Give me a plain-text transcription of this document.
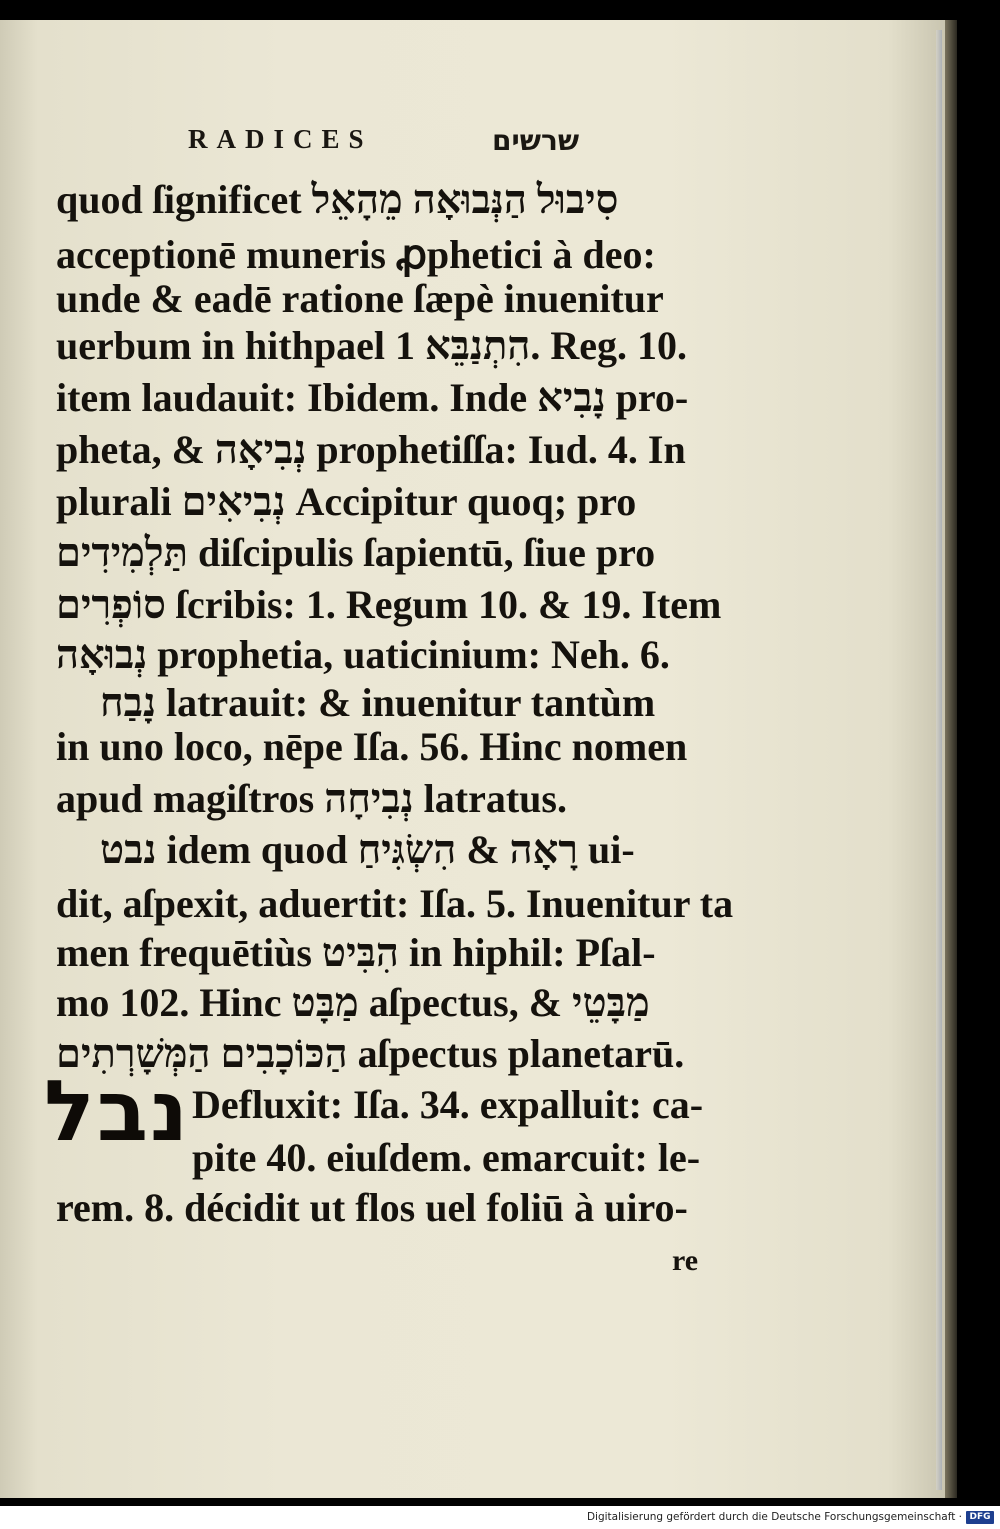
RADICES	שרשים
quod ſignificet סִיבוּל הַנְּבוּאָה מֵהָאֵל
acceptionē muneris ꝓphetici à deo:
unde & eadē ratione ſæpè inuenitur
uerbum in hithpael הִתְנַבֵּא 1. Reg. 10.
item laudauit: Ibidem. Inde נָבִיא pro-
pheta, & נְבִיאָה prophetiſſa: Iud. 4. In
plurali נְבִיאִים Accipitur quoq; pro
תַּלְמִידִים diſcipulis ſapientū, ſiue pro
סוֹפְרִים ſcribis: 1. Regum 10. & 19. Item
נְבוּאָה prophetia, uaticinium: Neh. 6.
נָבַח latrauit: & inuenitur tantùm
in uno loco, nēpe Iſa. 56. Hinc nomen
apud magiſtros נְבִיחָה latratus.
נבט idem quod רָאָה & הִשְׂגִּיחַ ui-
dit, aſpexit, aduertit: Iſa. 5. Inuenitur ta
men frequētiùs הִבִּיט in hiphil: Pſal-
mo 102. Hinc מַבָּט aſpectus, & מַבָּטֵי
הַכּוֹכָבִים הַמְּשָׁרְתִים aſpectus planetarū.
Defluxit: Iſa. 34. expalluit: ca-
pite 40. eiuſdem. emarcuit: le-
rem. 8. décidit ut flos uel foliū à uiro-
נבל
re
Digitalisierung gefördert durch die Deutsche Forschungsgemeinschaft · DFG
